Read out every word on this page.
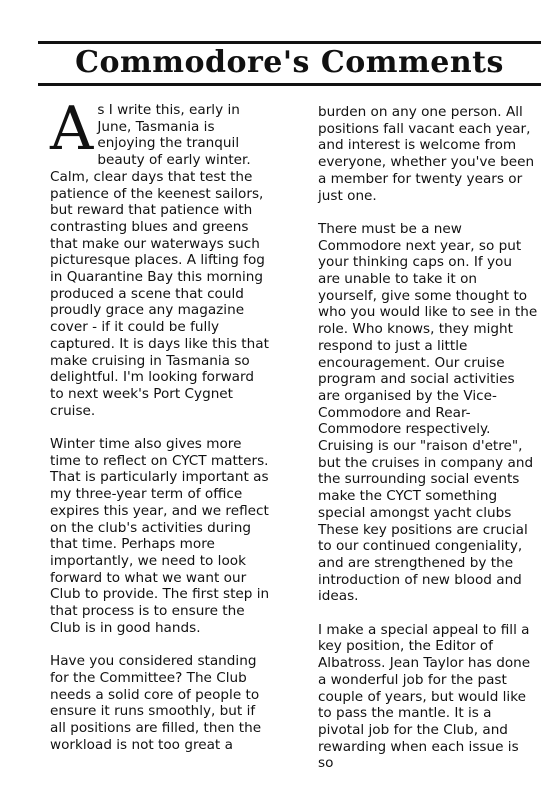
Commodore's Comments

As I write this, early in June, Tasmania is enjoying the tranquil beauty of early winter. Calm, clear days that test the patience of the keenest sailors, but reward that patience with contrasting blues and greens that make our waterways such picturesque places. A lifting fog in Quarantine Bay this morning produced a scene that could proudly grace any magazine cover - if it could be fully captured. It is days like this that make cruising in Tasmania so delightful. I'm looking forward to next week's Port Cygnet cruise.

Winter time also gives more time to reflect on CYCT matters. That is particularly important as my three-year term of office expires this year, and we reflect on the club's activities during that time. Perhaps more importantly, we need to look forward to what we want our Club to provide. The first step in that process is to ensure the Club is in good hands.

Have you considered standing for the Committee? The Club needs a solid core of people to ensure it runs smoothly, but if all positions are filled, then the workload is not too great a

burden on any one person. All positions fall vacant each year, and interest is welcome from everyone, whether you've been a member for twenty years or just one.

There must be a new Commodore next year, so put your thinking caps on. If you are unable to take it on yourself, give some thought to who you would like to see in the role. Who knows, they might respond to just a little encouragement. Our cruise program and social activities are organised by the Vice-Commodore and Rear-Commodore respectively. Cruising is our "raison d'etre", but the cruises in company and the surrounding social events make the CYCT something special amongst yacht clubs These key positions are crucial to our continued congeniality, and are strengthened by the introduction of new blood and ideas.

I make a special appeal to fill a key position, the Editor of Albatross. Jean Taylor has done a wonderful job for the past couple of years, but would like to pass the mantle. It is a pivotal job for the Club, and rewarding when each issue is so
